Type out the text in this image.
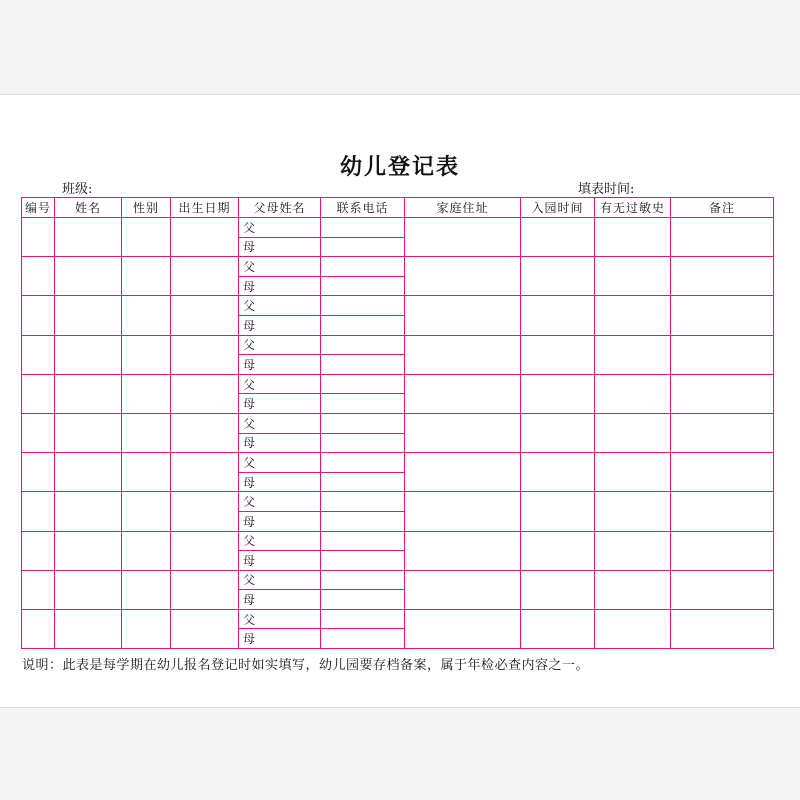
幼儿登记表
班级:	填表时间:
编号	姓名	性别	出生日期	父母姓名	联系电话	家庭住址	入园时间	有无过敏史	备注
				父					
				母					
				父					
				母					
				父					
				母					
				父					
				母					
				父					
				母					
				父					
				母					
				父					
				母					
				父					
				母					
				父					
				母					
				父					
				母					
				父					
				母					
说明：此表是每学期在幼儿报名登记时如实填写，幼儿园要存档备案，属于年检必查内容之一。
